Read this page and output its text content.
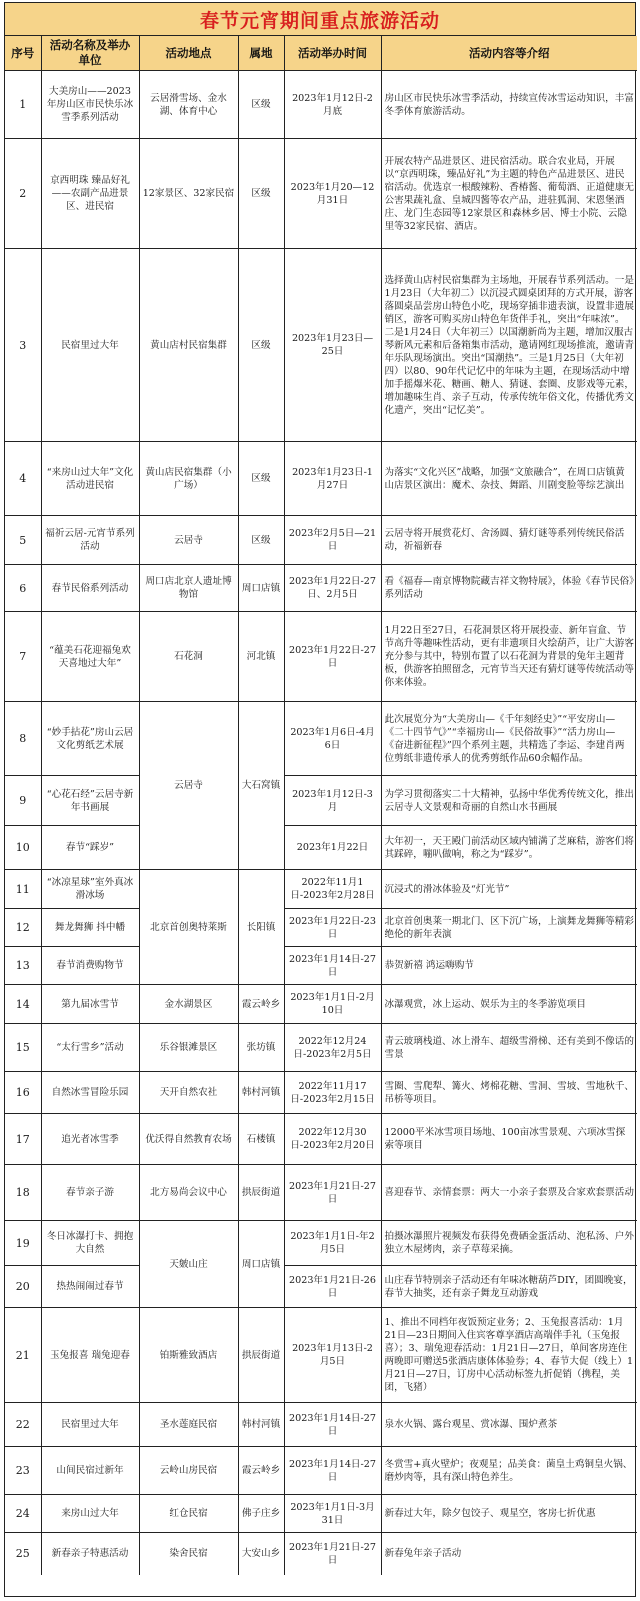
春节元宵期间重点旅游活动
序号	活动名称及举办单位	活动地点	属地	活动举办时间	活动内容等介绍
1	大美房山——2023年房山区市民快乐冰雪季系列活动	云居滑雪场、金水湖、体育中心	区级	2023年1月12日-2月底	房山区市民快乐冰雪季活动，持续宣传冰雪运动知识，丰富冬季体育旅游活动。
2	京西明珠 臻品好礼——农副产品进景区、进民宿	12家景区、32家民宿	区级	2023年1月20—12月31日	开展农特产品进景区、进民宿活动。联合农业局，开展以“京西明珠，臻品好礼”为主题的特色产品进景区、进民宿活动。优选京一根酸辣粉、香椿酱、葡萄酒、正道健康无公害果蔬礼盒、皇城四酱等农产品，进驻狐洞、宋恩堡酒庄、龙门生态园等12家景区和森林乡居、博士小院、云隐里等32家民宿、酒店。
3	民宿里过大年	黄山店村民宿集群	区级	2023年1月23日—25日	选择黄山店村民宿集群为主场地，开展春节系列活动。一是1月23日（大年初二）以沉浸式圆桌团拜的方式开展，游客落圆桌品尝房山特色小吃，现场穿插非遗表演，设置非遗展销区，游客可购买房山特色年货伴手礼，突出“年味浓”。二是1月24日（大年初三）以国潮新尚为主题，增加汉服古琴新风元素和后备箱集市活动，邀请网红现场推流，邀请青年乐队现场演出。突出“国潮热”。三是1月25日（大年初四）以80、90年代记忆中的年味为主题，在现场活动中增加手摇爆米花、糖画、糖人、猜谜、套圈、皮影戏等元素，增加趣味生肖、亲子互动，传承传统年俗文化，传播优秀文化遗产，突出“记忆美”。
4	“来房山过大年”文化活动进民宿	黄山店民宿集群（小广场）	区级	2023年1月23日-1月27日	为落实“文化兴区”战略，加强“文旅融合”，在周口店镇黄山店景区演出：魔术、杂技、舞蹈、川剧变脸等综艺演出
5	福祈云居-元宵节系列活动	云居寺	区级	2023年2月5日—21日	云居寺将开展赏花灯、舍汤圆、猜灯谜等系列传统民俗活动，祈福新春
6	春节民俗系列活动	周口店北京人遗址博物馆	周口店镇	2023年1月22日-27日、2月5日	看《福春—南京博物院藏吉祥文物特展》，体验《春节民俗》系列活动
7	“蕴美石花迎福兔欢天喜地过大年”	石花洞	河北镇	2023年1月22日-27日	1月22日至27日，石花洞景区将开展投壶、新年盲盒、节节高升等趣味性活动，更有非遗项目火绘葫芦，让广大游客充分参与其中，特别布置了以石花洞为背景的兔年主题背板，供游客拍照留念，元宵节当天还有猜灯谜等传统活动等你来体验。
8	“妙手拈花”房山云居文化剪纸艺术展	云居寺	大石窝镇	2023年1月6日-4月6日	此次展览分为“大美房山—《千年刻经史》”“平安房山—《二十四节气》”“幸福房山—《民俗故事》”“活力房山—《奋进新征程》”四个系列主题，共精选了李运、李建肖两位剪纸非遗传承人的优秀剪纸作品60余幅作品。
9	“心花石经”云居寺新年书画展			2023年1月12日-3月	为学习贯彻落实二十大精神，弘扬中华优秀传统文化，推出云居寺人文景观和奇丽的自然山水书画展
10	春节“踩岁”			2023年1月22日	大年初一，天王殿门前活动区域内铺满了芝麻秸，游客们将其踩碎，嘣叭做响，称之为“踩岁”。
11	“冰凉星球”室外真冰滑冰场	北京首创奥特莱斯	长阳镇	2022年11月1日-2023年2月28日	沉浸式的滑冰体验及“灯光节”
12	舞龙舞狮 抖中幡			2023年1月22日-23日	北京首创奥莱一期北门、区下沉广场，上演舞龙舞狮等精彩绝伦的新年表演
13	春节消费购物节			2023年1月14日-27日	恭贺新禧 鸿运嗨购节
14	第九届冰雪节	金水湖景区	霞云岭乡	2023年1月1日-2月10日	冰瀑观赏，冰上运动、娱乐为主的冬季游览项目
15	“太行雪乡”活动	乐谷银滩景区	张坊镇	2022年12月24日-2023年2月5日	青云玻璃栈道、冰上滑车、超级雪滑梯、还有美到不像话的雪景
16	自然冰雪冒险乐园	天开自然农社	韩村河镇	2022年11月17日-2023年2月15日	雪圈、雪爬犁、篝火、烤棉花糖、雪洞、雪坡、雪地秋千、吊桥等项目。
17	追光者冰雪季	优沃得自然教育农场	石楼镇	2022年12月30日-2023年2月20日	12000平米冰雪项目场地、100亩冰雪景观、六项冰雪探索等项目
18	春节亲子游	北方易尚会议中心	拱辰街道	2023年1月21日-27日	喜迎春节、亲情套票：两大一小亲子套票及合家欢套票活动
19	冬日冰瀑打卡、拥抱大自然	天皴山庄	周口店镇	2023年1月1日-年2月5日	拍摄冰瀑照片视频发布获得免费硒金蛋活动、泡私汤、户外独立木屋烤肉，亲子草莓采摘。
20	热热闹闹过春节			2023年1月21日-26日	山庄春节特别亲子活动还有年味冰糖葫芦DIY，团圆晚宴，春节大抽奖，还有亲子舞龙互动游戏
21	玉兔报喜 瑞兔迎春	铂斯雅致酒店	拱辰街道	2023年1月13日-2月5日	1、推出不同档年夜饭预定业务；2、玉兔报喜活动：1月21日—23日期间入住宾客尊享酒店高端伴手礼（玉兔报喜）；3、瑞兔迎春活动：1月21日—27日，单间客房连住两晚即可赠送5张酒店康体体验券；4、春节大促（线上）1月21日—27日，订房中心活动标签九折促销（携程，美团，飞猪）
22	民宿里过大年	圣水莲庭民宿	韩村河镇	2023年1月14日-27日	泉水火锅、露台观星、赏冰瀑、围炉煮茶
23	山间民宿过新年	云岭山房民宿	霞云岭乡	2023年1月14日-27日	冬赏雪+真火壁炉；夜观星；品美食：菌皇土鸡铜皇火锅、磨炒肉等，具有深山特色养生。
24	来房山过大年	红仓民宿	佛子庄乡	2023年1月1日-3月31日	新春过大年，除夕包饺子、观星空，客房七折优惠
25	新春亲子特惠活动	染舍民宿	大安山乡	2023年1月21日-27日	新春兔年亲子活动
